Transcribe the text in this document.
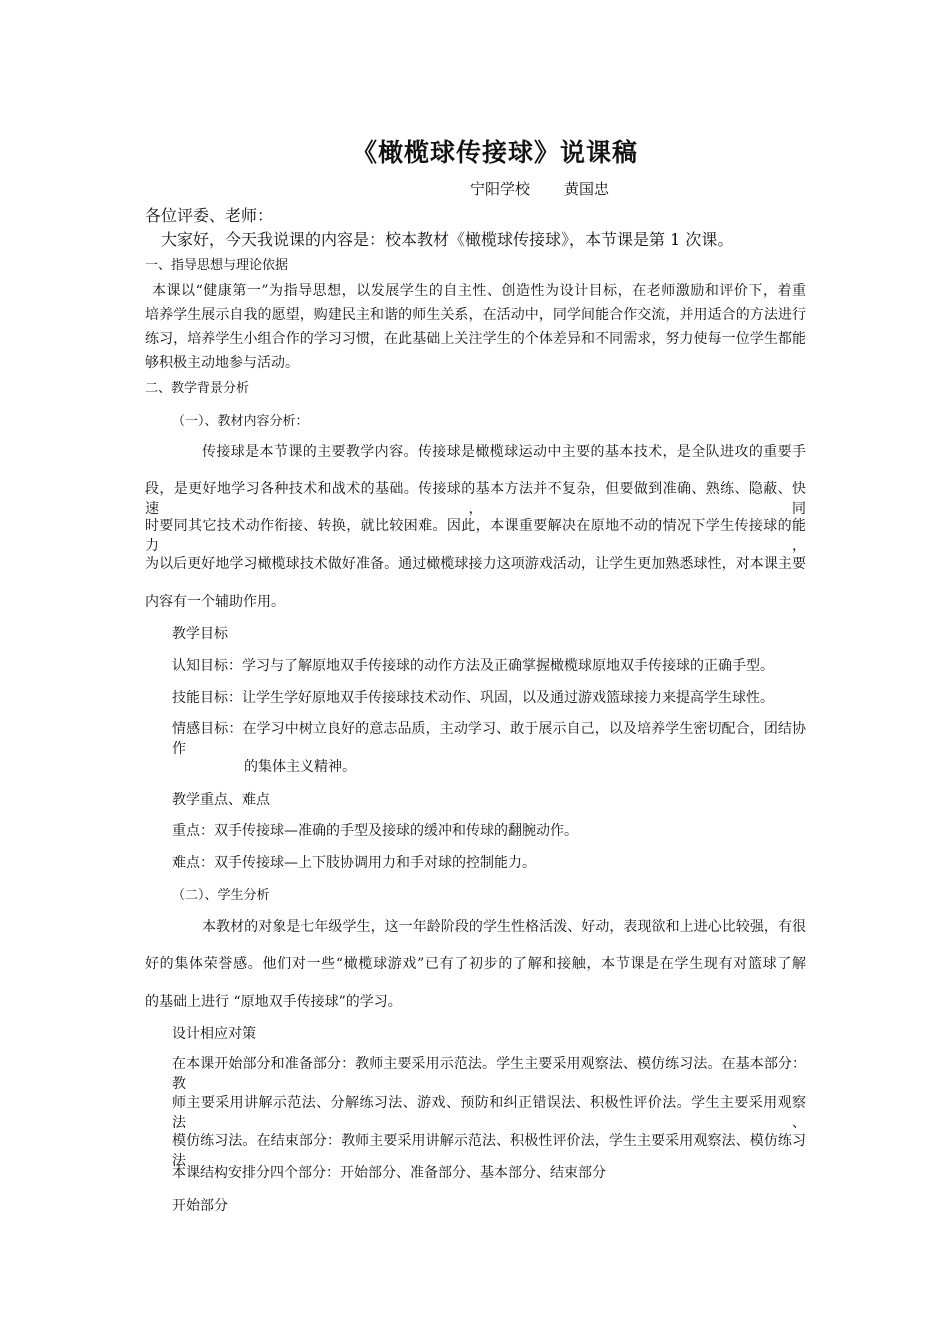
《橄榄球传接球》说课稿
宁阳学校 黄国忠
各位评委、老师：
大家好，今天我说课的内容是：校本教材《橄榄球传接球》，本节课是第 1 次课。
一、指导思想与理论依据
本课以“健康第一”为指导思想，以发展学生的自主性、创造性为设计目标，在老师激励和评价下，着重
培养学生展示自我的愿望，购建民主和谐的师生关系，在活动中，同学间能合作交流，并用适合的方法进行
练习，培养学生小组合作的学习习惯，在此基础上关注学生的个体差异和不同需求，努力使每一位学生都能
够积极主动地参与活动。
二、教学背景分析
（一）、教材内容分析：
传接球是本节课的主要教学内容。传接球是橄榄球运动中主要的基本技术，是全队进攻的重要手
段，是更好地学习各种技术和战术的基础。传接球的基本方法并不复杂，但要做到准确、熟练、隐蔽、快速，同
时要同其它技术动作衔接、转换，就比较困难。因此，本课重要解决在原地不动的情况下学生传接球的能力，
为以后更好地学习橄榄球技术做好准备。通过橄榄球接力这项游戏活动，让学生更加熟悉球性，对本课主要
内容有一个辅助作用。
教学目标
认知目标：学习与了解原地双手传接球的动作方法及正确掌握橄榄球原地双手传接球的正确手型。
技能目标：让学生学好原地双手传接球技术动作、巩固，以及通过游戏篮球接力来提高学生球性。
情感目标：在学习中树立良好的意志品质，主动学习、敢于展示自己，以及培养学生密切配合，团结协作
的集体主义精神。
教学重点、难点
重点：双手传接球—准确的手型及接球的缓冲和传球的翻腕动作。
难点：双手传接球—上下肢协调用力和手对球的控制能力。
（二）、学生分析
本教材的对象是七年级学生，这一年龄阶段的学生性格活泼、好动，表现欲和上进心比较强，有很
好的集体荣誉感。他们对一些“橄榄球游戏”已有了初步的了解和接触，本节课是在学生现有对篮球了解
的基础上进行 “原地双手传接球”的学习。
设计相应对策
在本课开始部分和准备部分：教师主要采用示范法。学生主要采用观察法、模仿练习法。在基本部分：教
师主要采用讲解示范法、分解练习法、游戏、预防和纠正错误法、积极性评价法。学生主要采用观察法、
模仿练习法。在结束部分：教师主要采用讲解示范法、积极性评价法，学生主要采用观察法、模仿练习法
本课结构安排分四个部分：开始部分、准备部分、基本部分、结束部分
开始部分
